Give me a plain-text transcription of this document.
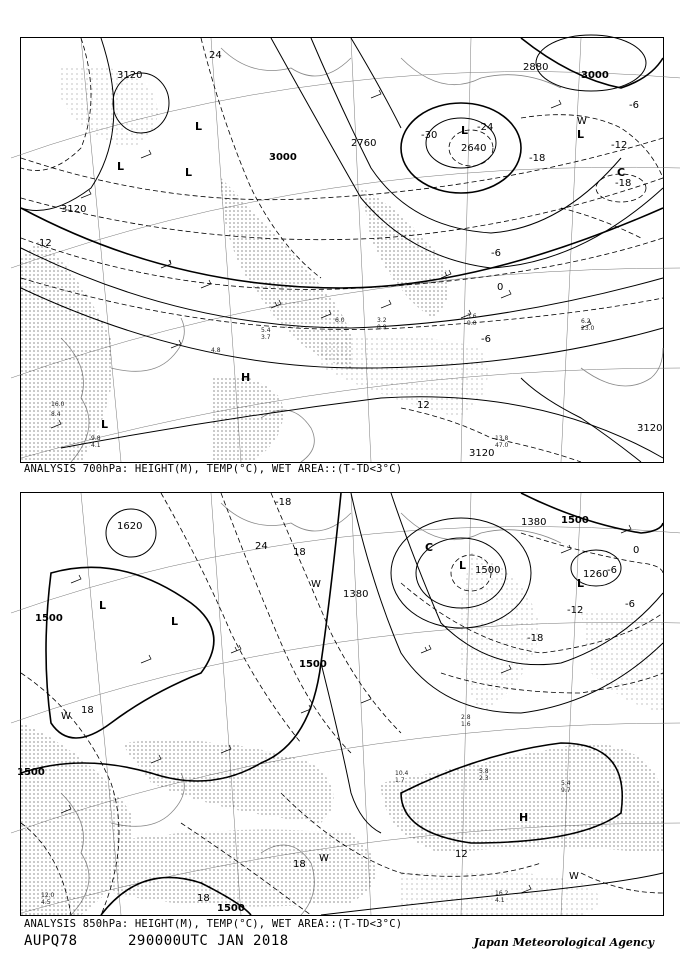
3120
3120
3000
2880
2760	2640
3000
3120
3120
24
12
-6
-12
-18
-18
-24
-30
-6
0
-6
12
L
L	L
L	L
H
L
C
W
3.2
0.9
3.6
9.0	6.2
23.0
13.8
47.0
16.0
8.4
4.8
9.8
4.1
6.0
5.4
3.7
ANALYSIS 700hPa: HEIGHT(M), TEMP(°C), WET AREA::(T-TD<3°C)
1620
1500
1500
1380
1380 1500
1260
1500
1500
1500
-18
24
18
18
0
-6
-12
-18
12
18
18
-6
L
L
W
L
L
C
H
W
W
W
5.8
2.3
5.4
9.7
16.2
4.1
10.4
1.7
2.8
1.6
12.0
4.5
ANALYSIS 850hPa: HEIGHT(M), TEMP(°C), WET AREA::(T-TD<3°C)
AUPQ78	290000UTC JAN 2018	Japan Meteorological Agency
